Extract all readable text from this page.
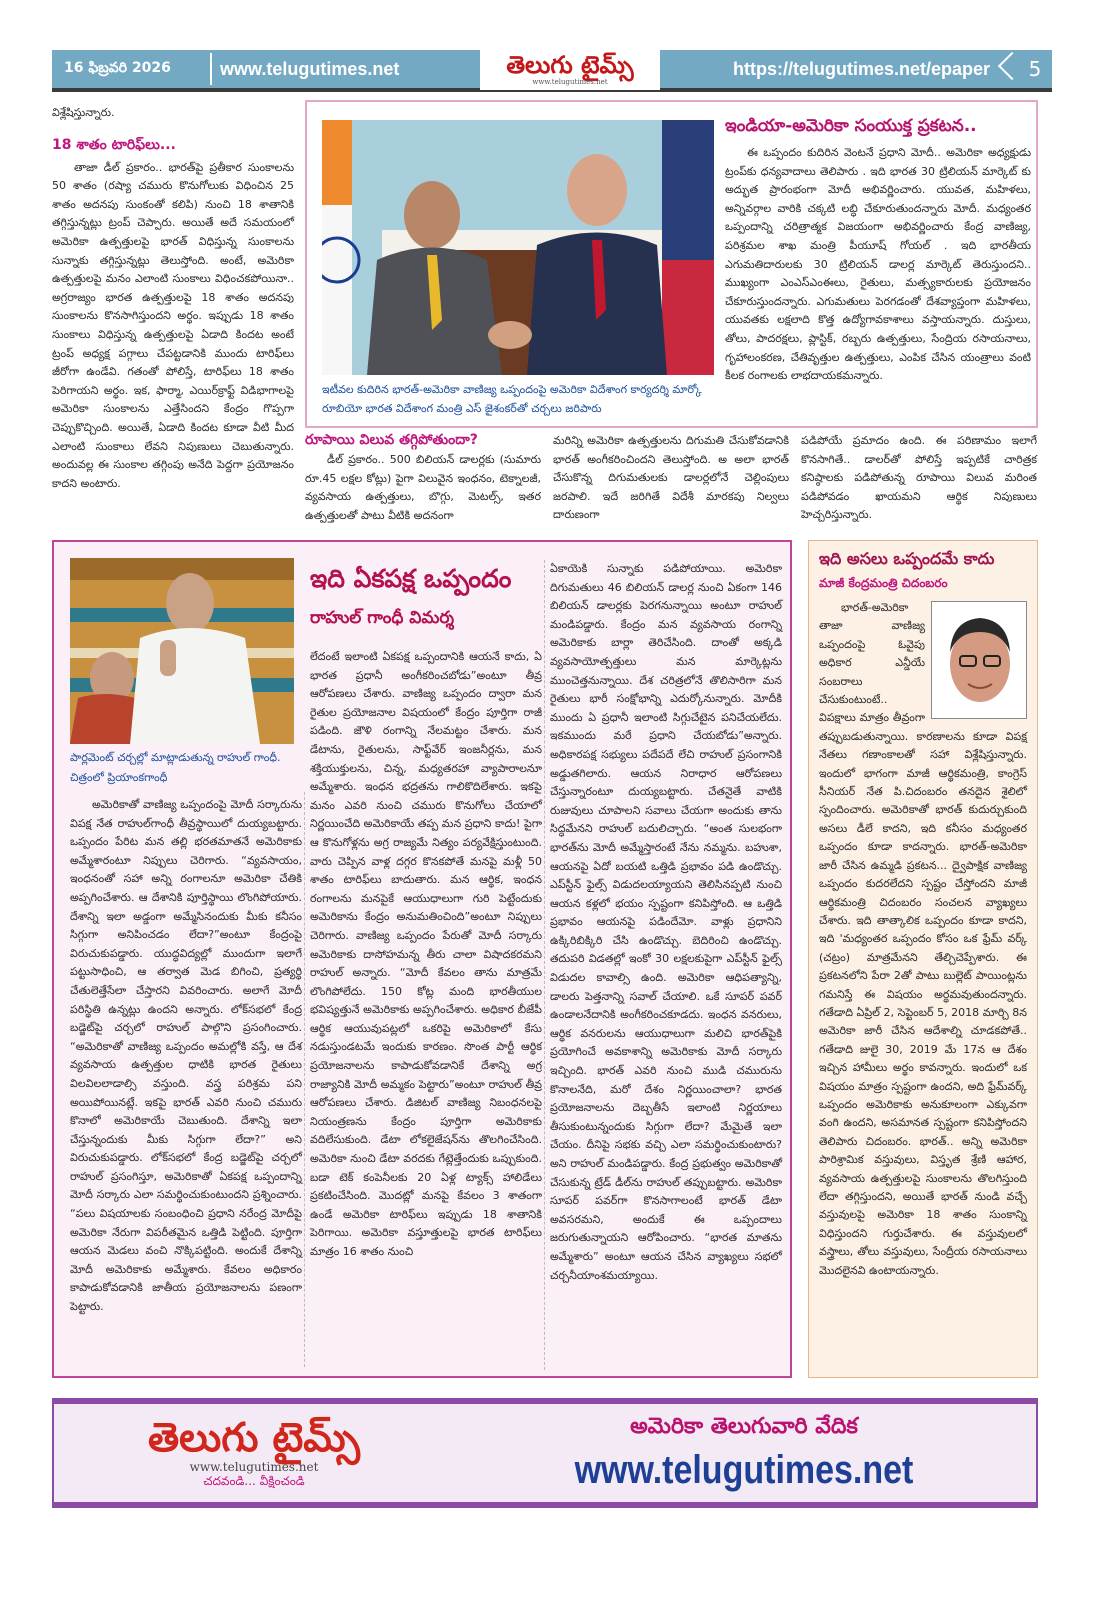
16 ఫిబ్రవరి 2026	www.telugutimes.net	తెలుగు టైమ్స్
www.telugutimes.net
https://telugutimes.net/epaper	5

విశ్లేషిస్తున్నారు.

18 శాతం టారిఫ్‌లు...

తాజా డీల్ ప్రకారం.. భారత్‌పై ప్రతీకార సుంకాలను 50 శాతం (రష్యా చమురు కొనుగోలుకు విధించిన 25 శాతం అదనపు సుంకంతో కలిపి) నుంచి 18 శాతానికి తగ్గిస్తున్నట్లు ట్రంప్ చెప్పారు. అయితే అదే సమయంలో అమెరికా ఉత్పత్తులపై భారత్ విధిస్తున్న సుంకాలను సున్నాకు తగ్గిస్తున్నట్లు తెలుస్తోంది. అంటే, అమెరికా ఉత్పత్తులపై మనం ఎలాంటి సుంకాలు విధించకపోయినా.. అగ్రరాజ్యం భారత ఉత్పత్తులపై 18 శాతం అదనపు సుంకాలను కొనసాగిస్తుందని అర్థం. ఇప్పుడు 18 శాతం సుంకాలు విధిస్తున్న ఉత్పత్తులపై ఏడాది కిందట అంటే ట్రంప్ అధ్యక్ష పగ్గాలు చేపట్టడానికి ముందు టారిఫ్‌లు జీరోగా ఉండేవి. గతంతో పోలిస్తే, టారిఫ్‌లు 18 శాతం పెరిగాయని అర్థం. ఇక, ఫార్మా, ఎయిర్‌క్రాఫ్ట్ విడిభాగాలపై అమెరికా సుంకాలను ఎత్తేసిందని కేంద్రం గొప్పగా చెప్పుకొచ్చింది. అయితే, ఏడాది కిందట కూడా వీటి మీద ఎలాంటి సుంకాలు లేవని నిపుణులు చెబుతున్నారు. అందువల్ల ఈ సుంకాల తగ్గింపు అనేది పెద్దగా ప్రయోజనం కాదని అంటారు.

ఇటీవల కుదిరిన భారత్-అమెరికా వాణిజ్య ఒప్పందంపై అమెరికా విదేశాంగ కార్యదర్శి మార్కో రూబియో భారత విదేశాంగ మంత్రి ఎస్ జైశంకర్‌తో చర్చలు జరిపారు
ఇండియా-అమెరికా సంయుక్త ప్రకటన..

ఈ ఒప్పందం కుదిరిన వెంటనే ప్రధాని మోదీ.. అమెరికా అధ్యక్షుడు ట్రంప్‌కు ధన్యవాదాలు తెలిపారు . ఇది భారత 30 ట్రిలియన్ మార్కెట్ కు అద్భుత ప్రారంభంగా మోదీ అభివర్ణించారు. యువత, మహిళలు, అన్నివర్గాల వారికి చక్కటి లబ్ధి చేకూరుతుందన్నారు మోదీ. మధ్యంతర ఒప్పందాన్ని చరిత్రాత్మక విజయంగా అభివర్ణించారు కేంద్ర వాణిజ్య, పరిశ్రమల శాఖ మంత్రి పీయూష్ గోయల్ . ఇది భారతీయ ఎగుమతిదారులకు 30 ట్రిలియన్ డాలర్ల మార్కెట్ తెరుస్తుందని.. ముఖ్యంగా ఎంఎస్ఎంఈలు, రైతులు, మత్స్యకారులకు ప్రయోజనం చేకూరుస్తుందన్నారు. ఎగుమతులు పెరగడంతో దేశవ్యాప్తంగా మహిళలు, యువతకు లక్షలాది కొత్త ఉద్యోగావకాశాలు వస్తాయన్నారు. దుస్తులు, తోలు, పాదరక్షలు, ప్లాస్టిక్, రబ్బరు ఉత్పత్తులు, సేంద్రియ రసాయనాలు, గృహాలంకరణ, చేతివృత్తుల ఉత్పత్తులు, ఎంపిక చేసిన యంత్రాలు వంటి కీలక రంగాలకు లాభదాయకమన్నారు.

రూపాయి విలువ తగ్గిపోతుందా?

డీల్ ప్రకారం.. 500 బిలియన్ డాలర్లకు (సుమారు రూ.45 లక్షల కోట్లు) పైగా విలువైన ఇంధనం, టెక్నాలజీ, వ్యవసాయ ఉత్పత్తులు, బొగ్గు, మెటల్స్, ఇతర ఉత్పత్తులతో పాటు వీటికి అదనంగా

మరిన్ని అమెరికా ఉత్పత్తులను దిగుమతి చేసుకోవడానికి భారత్ అంగీకరించిందని తెలుస్తోంది. అ అలా భారత్ చేసుకొన్న దిగుమతులకు డాలర్లలోనే చెల్లింపులు జరపాలి. ఇదే జరిగితే విదేశీ మారకపు నిల్వలు దారుణంగా

పడిపోయే ప్రమాదం ఉంది. ఈ పరిణామం ఇలాగే కొనసాగితే.. డాలర్‌తో పోలిస్తే ఇప్పటికే చారిత్రక కనిష్ఠాలకు పడిపోతున్న రూపాయి విలువ మరింత పడిపోవడం ఖాయమని ఆర్థిక నిపుణులు హెచ్చరిస్తున్నారు.

పార్లమెంట్ చర్చల్లో మాట్లాడుతున్న రాహుల్ గాంధీ. చిత్రంలో ప్రియాంకగాంధీ
ఇది ఏకపక్ష ఒప్పందం
రాహుల్ గాంధీ విమర్శ

అమెరికాతో వాణిజ్య ఒప్పందంపై మోదీ సర్కారును విపక్ష నేత రాహుల్‌గాంధీ తీవ్రస్థాయిలో దుయ్యబట్టారు. ఒప్పందం పేరిట మన తల్లి భరతమాతనే అమెరికాకు అమ్మేశారంటూ నిప్పులు చెరిగారు. “వ్యవసాయం, ఇంధనంతో సహా అన్ని రంగాలనూ అమెరికా చేతికి అప్పగించేశారు. ఆ దేశానికి పూర్తిస్థాయి లొంగిపోయారు. దేశాన్ని ఇలా అడ్డంగా అమ్మేసినందుకు మీకు కనీసం సిగ్గుగా అనిపించడం లేదా?”అంటూ కేంద్రంపై విరుచుకుపడ్డారు. యుద్ధవిద్యల్లో ముందుగా ఇలాగే పట్టుసాధించి, ఆ తర్వాత మెడ బిగించి, ప్రత్యర్థి చేతులెత్తేసేలా చేస్తారని వివరించారు. అలాగే మోదీ పరిస్థితి ఉన్నట్లు ఉందని అన్నారు. లోక్‌సభలో కేంద్ర బడ్జెట్‌పై చర్చలో రాహుల్ పాల్గొని ప్రసంగించారు. “అమెరికాతో వాణిజ్య ఒప్పందం అమల్లోకి వస్తే, ఆ దేశ వ్యవసాయ ఉత్పత్తుల ధాటికి భారత రైతులు విలవిలలాడాల్సి వస్తుంది. వస్త్ర పరిశ్రమ పని అయిపోయినట్లే. ఇకపై భారత్ ఎవరి నుంచి చమురు కొనాలో అమెరికాయే చెబుతుంది. దేశాన్ని ఇలా చేస్తున్నందుకు మీకు సిగ్గుగా లేదా?” అని విరుచుకుపడ్డారు. లోక్‌సభలో కేంద్ర బడ్జెట్‌పై చర్చలో రాహుల్ ప్రసంగిస్తూ, అమెరికాతో ఏకపక్ష ఒప్పందాన్ని మోదీ సర్కారు ఎలా సమర్థించుకుంటుందని ప్రశ్నించారు. “పలు విషయాలకు సంబంధించి ప్రధాని నరేంద్ర మోదీపై అమెరికా నేరుగా విపరీతమైన ఒత్తిడి పెట్టింది. పూర్తిగా ఆయన మెడలు వంచి నొక్కిపట్టింది. అందుకే దేశాన్ని మోదీ అమెరికాకు అమ్మేశారు. కేవలం అధికారం కాపాడుకోవడానికి జాతీయ ప్రయోజనాలను పణంగా పెట్టారు.

లేదంటే ఇలాంటి ఏకపక్ష ఒప్పందానికి ఆయనే కాదు, ఏ భారత ప్రధానీ అంగీకరించబోడు”అంటూ తీవ్ర ఆరోపణలు చేశారు. వాణిజ్య ఒప్పందం ద్వారా మన రైతుల ప్రయోజనాల విషయంలో కేంద్రం పూర్తిగా రాజీ పడింది. జౌళి రంగాన్ని నేలమట్టం చేశారు. మన డేటాను, రైతులను, సాఫ్ట్‌వేర్ ఇంజనీర్లను, మన శక్తియుక్తులను, చిన్న, మధ్యతరహా వ్యాపారాలనూ అమ్మేశారు. ఇంధన భద్రతను గాలికొదిలేశారు. ఇకపై మనం ఎవరి నుంచి చమురు కొనుగోలు చేయాలో నిర్ణయించేది అమెరికాయే తప్ప మన ప్రధాని కాదు! పైగా ఆ కొనుగోళ్లను అగ్ర రాజ్యమే నిత్యం పర్యవేక్షిస్తుంటుంది. వారు చెప్పిన వాళ్ల దగ్గర కొనకపోతే మనపై మళ్లీ 50 శాతం టారిఫ్‌లు బాదుతారు. మన ఆర్థిక, ఇంధన రంగాలను మనపైకే ఆయుధాలుగా గురి పెట్టేందుకు అమెరికాను కేంద్రం అనుమతించింది”అంటూ నిప్పులు చెరిగారు. వాణిజ్య ఒప్పందం పేరుతో మోదీ సర్కారు అమెరికాకు దాసోహమన్న తీరు చాలా విషాదకరమని రాహుల్ అన్నారు. “మోదీ కేవలం తాను మాత్రమే లొంగిపోలేదు. 150 కోట్ల మంది భారతీయుల భవిష్యత్తునే అమెరికాకు అప్పగించేశారు. అధికార బీజేపీ ఆర్థిక ఆయువుపట్లలో ఒకరిపై అమెరికాలో కేసు నడుస్తుండటమే ఇందుకు కారణం. సొంత పార్టీ ఆర్థిక ప్రయోజనాలను కాపాడుకోవడానికే దేశాన్ని అగ్ర రాజ్యానికి మోదీ అమ్మకం పెట్టారు”అంటూ రాహుల్ తీవ్ర ఆరోపణలు చేశారు. డిజిటల్ వాణిజ్య నిబంధనలపై నియంత్రణను కేంద్రం పూర్తిగా అమెరికాకు వదిలేసుకుంది. డేటా లోకలైజేషన్‌ను తొలగించేసింది. అమెరికా నుంచి డేటా వరదకు గేట్లెత్తేందుకు ఒప్పుకుంది. బడా టెక్ కంపెనీలకు 20 ఏళ్ల ట్యాక్స్ హాలిడేలు ప్రకటించేసింది. మొదట్లో మనపై కేవలం 3 శాతంగా ఉండే అమెరికా టారిఫ్‌లు ఇప్పుడు 18 శాతానికి పెరిగాయి. అమెరికా వస్తూత్తులపై భారత టారిఫ్‌లు మాత్రం 16 శాతం నుంచి

ఏకాయెకి సున్నాకు పడిపోయాయి. అమెరికా దిగుమతులు 46 బిలియన్ డాలర్ల నుంచి ఏకంగా 146 బిలియన్ డాలర్లకు పెరగనున్నాయి అంటూ రాహుల్ మండిపడ్డారు. కేంద్రం మన వ్యవసాయ రంగాన్ని అమెరికాకు బార్లా తెరిచేసింది. దాంతో అక్కడి వ్యవసాయోత్పత్తులు మన మార్కెట్లను ముంచెత్తనున్నాయి. దేశ చరిత్రలోనే తొలిసారిగా మన రైతులు భారీ సంక్షోభాన్ని ఎదుర్కోనున్నారు. మోదీకి ముందు ఏ ప్రధానీ ఇలాంటి సిగ్గుచేటైన పనిచేయలేదు. ఇకముందు మరే ప్రధాని చేయబోడు”అన్నారు. అధికారపక్ష సభ్యులు పదేపదే లేచి రాహుల్ ప్రసంగానికి అడ్డుతగిలారు. ఆయన నిరాధార ఆరోపణలు చేస్తున్నారంటూ దుయ్యబట్టారు. చేతనైతే వాటికి రుజువులు చూపాలని సవాలు చేయగా అందుకు తాను సిద్ధమేనని రాహుల్ బదులిచ్చారు. “అంత సులభంగా భారత్‌ను మోదీ అమ్మేస్తారంటే నేను నమ్మను. బహుశా, ఆయనపై ఏదో బయటి ఒత్తిడి ప్రభావం పడి ఉండొచ్చు. ఎప్‌స్టీన్ ఫైల్స్ విడుదలయ్యాయని తెలిసినప్పటి నుంచి ఆయన కళ్లలో భయం స్పష్టంగా కనిపిస్తోంది. ఆ ఒత్తిడి ప్రభావం ఆయనపై పడిందేమో. వాళ్లు ప్రధానిని ఉక్కిరిబిక్కిరి చేసి ఉండొచ్చు. బెదిరించి ఉండొచ్చు. తదుపరి విడతల్లో ఇంకో 30 లక్షలకుపైగా ఎప్‌స్టీన్ ఫైల్స్ విడుదల కావాల్సి ఉంది. అమెరికా ఆధిపత్యాన్ని, డాలరు పెత్తనాన్ని సవాల్ చేయాలి. ఒకే సూపర్ పవర్ ఉండాలనేదానికి అంగీకరించకూడదు. ఇంధన వనరులు, ఆర్థిక వనరులను ఆయుధాలుగా మలిచి భారత్‌పైకి ప్రయోగించే అవకాశాన్ని అమెరికాకు మోదీ సర్కారు ఇచ్చింది. భారత్ ఎవరి నుంచి ముడి చమురును కొనాలనేది, మరో దేశం నిర్ణయించాలా? భారత ప్రయోజనాలను దెబ్బతీసే ఇలాంటి నిర్ణయాలు తీసుకుంటున్నందుకు సిగ్గుగా లేదా? మేమైతే ఇలా చేయం. దీనిపై సభకు వచ్చి ఎలా సమర్థించుకుంటారు? అని రాహుల్ మండిపడ్డారు. కేంద్ర ప్రభుత్వం అమెరికాతో చేసుకున్న ట్రేడ్ డీల్‌ను రాహుల్ తప్పుబట్టారు. అమెరికా సూపర్ పవర్‌గా కొనసాగాలంటే భారత్ డేటా అవసరమని, అందుకే ఈ ఒప్పందాలు జరుగుతున్నాయని ఆరోపించారు. “భారత మాతను అమ్మేశారు” అంటూ ఆయన చేసిన వ్యాఖ్యలు సభలో చర్చనీయాంశమయ్యాయి.

ఇది అసలు ఒప్పందమే కాదు
మాజీ కేంద్రమంత్రి చిదంబరం

భారత్-అమెరికా తాజా వాణిజ్య ఒప్పందంపై ఓవైపు అధికార ఎన్డీయే సంబరాలు చేసుకుంటుంటే.. విపక్షాలు మాత్రం తీవ్రంగా తప్పుబడుతున్నాయి. కారణాలను కూడా విపక్ష నేతలు గణాంకాలతో సహా విశ్లేషిస్తున్నారు. ఇందులో భాగంగా మాజీ ఆర్థికమంత్రి, కాంగ్రెస్ సీనియర్ నేత పి.చిదంబరం తనదైన శైలిలో స్పందించారు. అమెరికాతో భారత్ కుదుర్చుకుంది అసలు డీలే కాదని, ఇది కనీసం మధ్యంతర ఒప్పందం కూడా కాదన్నారు. భారత్-అమెరికా జారీ చేసిన ఉమ్మడి ప్రకటన... ద్వైపాక్షిక వాణిజ్య ఒప్పందం కుదరలేదని స్పష్టం చేస్తోందని మాజీ ఆర్థికమంత్రి చిదంబరం సంచలన వ్యాఖ్యలు చేశారు. ఇది తాత్కాలిక ఒప్పందం కూడా కాదని, ఇది 'మధ్యంతర ఒప్పందం కోసం ఒక ఫ్రేమ్ వర్క్ (చట్రం) మాత్రమేనని తేల్చిచెప్పేశారు. ఈ ప్రకటనలోని పేరా 2తో పాటు బుల్లెట్ పాయింట్లను గమనిస్తే ఈ విషయం అర్థమవుతుందన్నారు. గతేడాది ఏప్రిల్ 2, సెప్టెంబర్ 5, 2018 మార్చి 8న అమెరికా జారీ చేసిన ఆదేశాల్ని చూడకపోతే.. గతేడాది జులై 30, 2019 మే 17న ఆ దేశం ఇచ్చిన హామీలు అర్థం కావన్నారు. ఇందులో ఒక విషయం మాత్రం స్పష్టంగా ఉందని, అది ఫ్రేమ్‌వర్క్ ఒప్పందం అమెరికాకు అనుకూలంగా ఎక్కువగా వంగి ఉందని, అసమానత స్పష్టంగా కనిపిస్తోందని తెలిపారు చిదంబరం. భారత్.. అన్ని అమెరికా పారిశ్రామిక వస్తువులు, విస్తృత శ్రేణి ఆహార, వ్యవసాయ ఉత్పత్తులపై సుంకాలను తొలగిస్తుంది లేదా తగ్గిస్తుందని, అయితే భారత్ నుండి వచ్చే వస్తువులపై అమెరికా 18 శాతం సుంకాన్ని విధిస్తుందని గుర్తుచేశారు. ఈ వస్తువులలో వస్త్రాలు, తోలు వస్తువులు, సేంద్రీయ రసాయనాలు మొదలైనవి ఉంటాయన్నారు.

తెలుగు టైమ్స్
www.telugutimes.net
చదవండి... వీక్షించండి
అమెరికా తెలుగువారి వేదిక
www.telugutimes.net
